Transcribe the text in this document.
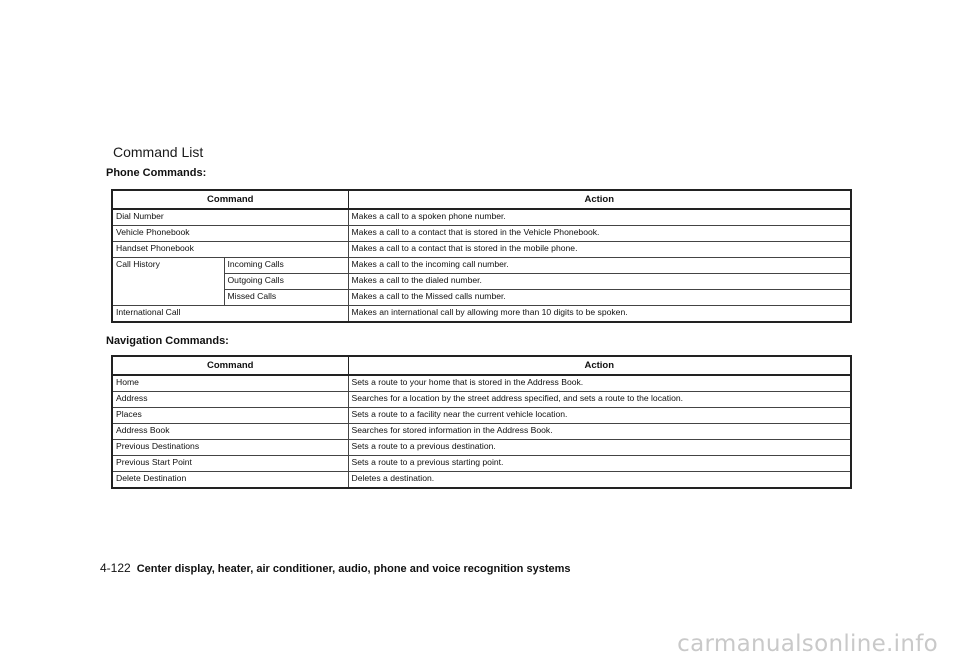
Command List
Phone Commands:
Command		Action
Dial Number		Makes a call to a spoken phone number.
Vehicle Phonebook		Makes a call to a contact that is stored in the Vehicle Phonebook.
Handset Phonebook		Makes a call to a contact that is stored in the mobile phone.
Call History	Incoming Calls	Makes a call to the incoming call number.
	Outgoing Calls	Makes a call to the dialed number.
	Missed Calls	Makes a call to the Missed calls number.
International Call		Makes an international call by allowing more than 10 digits to be spoken.
Navigation Commands:
Command	Action
Home	Sets a route to your home that is stored in the Address Book.
Address	Searches for a location by the street address specified, and sets a route to the location.
Places	Sets a route to a facility near the current vehicle location.
Address Book	Searches for stored information in the Address Book.
Previous Destinations	Sets a route to a previous destination.
Previous Start Point	Sets a route to a previous starting point.
Delete Destination	Deletes a destination.
4-122 Center display, heater, air conditioner, audio, phone and voice recognition systems
carmanualsonline.info
